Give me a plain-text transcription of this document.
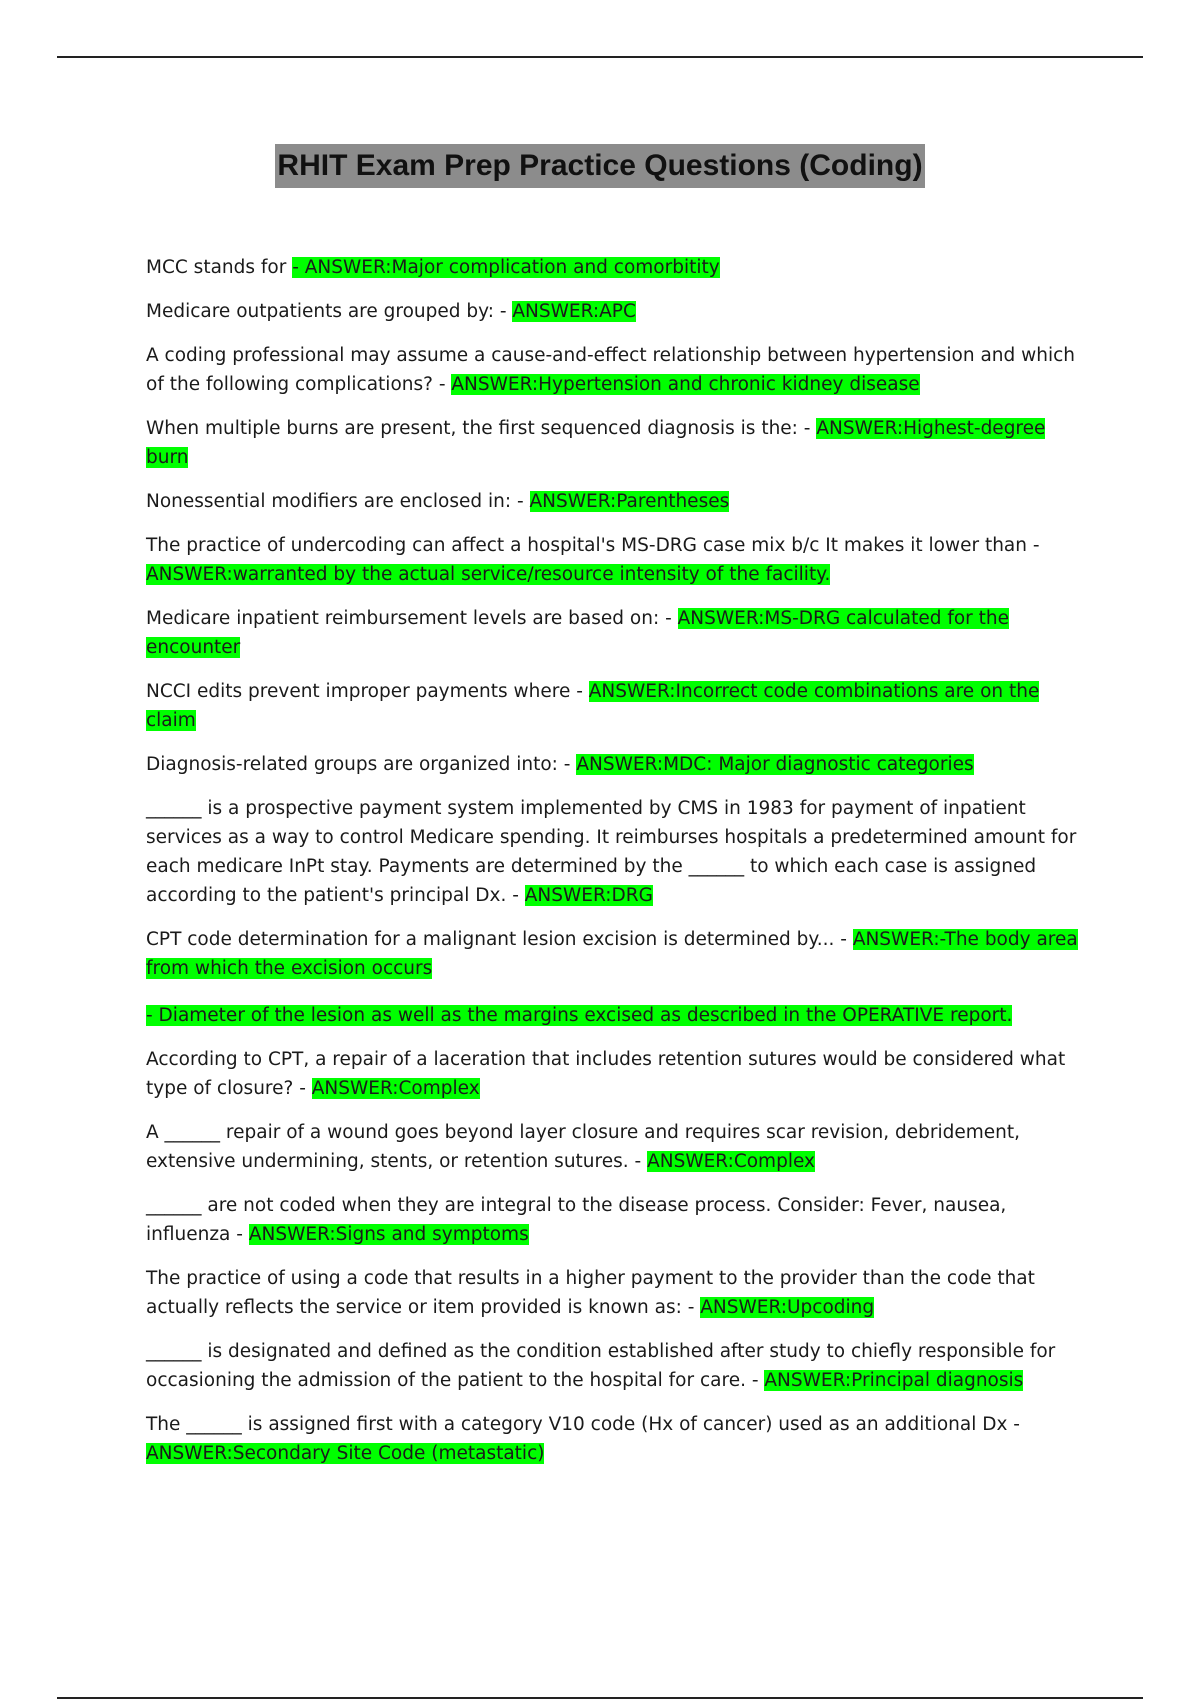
RHIT Exam Prep Practice Questions (Coding)

MCC stands for - ANSWER:Major complication and comorbitity

Medicare outpatients are grouped by: - ANSWER:APC

A coding professional may assume a cause-and-effect relationship between hypertension and which of the following complications? - ANSWER:Hypertension and chronic kidney disease

When multiple burns are present, the first sequenced diagnosis is the: - ANSWER:Highest-degree burn

Nonessential modifiers are enclosed in: - ANSWER:Parentheses

The practice of undercoding can affect a hospital's MS-DRG case mix b/c It makes it lower than - ANSWER:warranted by the actual service/resource intensity of the facility.

Medicare inpatient reimbursement levels are based on: - ANSWER:MS-DRG calculated for the encounter

NCCI edits prevent improper payments where - ANSWER:Incorrect code combinations are on the claim

Diagnosis-related groups are organized into: - ANSWER:MDC: Major diagnostic categories

______ is a prospective payment system implemented by CMS in 1983 for payment of inpatient services as a way to control Medicare spending. It reimburses hospitals a predetermined amount for each medicare InPt stay. Payments are determined by the ______ to which each case is assigned according to the patient's principal Dx. - ANSWER:DRG

CPT code determination for a malignant lesion excision is determined by... - ANSWER:-The body area from which the excision occurs

- Diameter of the lesion as well as the margins excised as described in the OPERATIVE report.

According to CPT, a repair of a laceration that includes retention sutures would be considered what type of closure? - ANSWER:Complex

A ______ repair of a wound goes beyond layer closure and requires scar revision, debridement, extensive undermining, stents, or retention sutures. - ANSWER:Complex

______ are not coded when they are integral to the disease process. Consider: Fever, nausea, influenza - ANSWER:Signs and symptoms

The practice of using a code that results in a higher payment to the provider than the code that actually reflects the service or item provided is known as: - ANSWER:Upcoding

______ is designated and defined as the condition established after study to chiefly responsible for occasioning the admission of the patient to the hospital for care. - ANSWER:Principal diagnosis

The ______ is assigned first with a category V10 code (Hx of cancer) used as an additional Dx - ANSWER:Secondary Site Code (metastatic)
